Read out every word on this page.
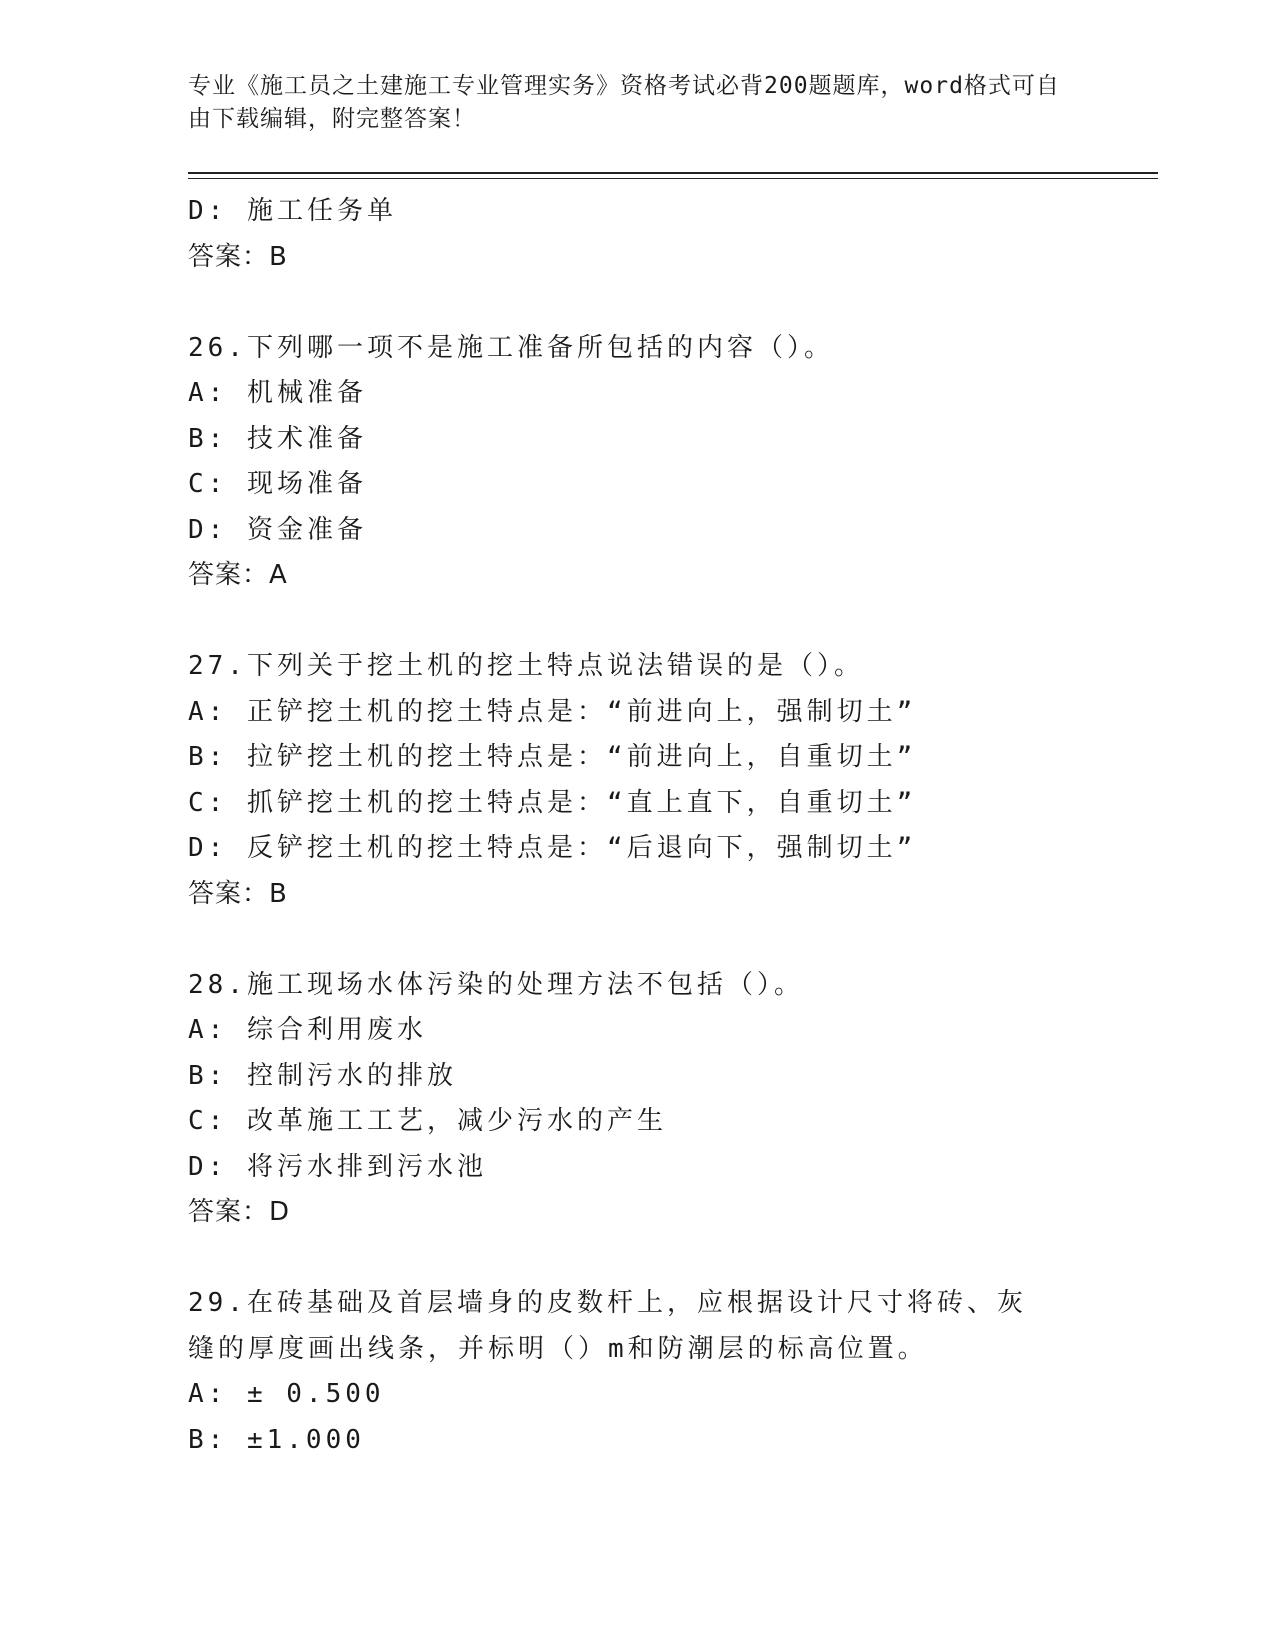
专业《施工员之土建施工专业管理实务》资格考试必背200题题库，word格式可自由下载编辑，附完整答案！

D: 施工任务单
答案：B
26.下列哪一项不是施工准备所包括的内容（）。
A: 机械准备
B: 技术准备
C: 现场准备
D: 资金准备
答案：A
27.下列关于挖土机的挖土特点说法错误的是（）。
A: 正铲挖土机的挖土特点是：“前进向上，强制切土”
B: 拉铲挖土机的挖土特点是：“前进向上，自重切土”
C: 抓铲挖土机的挖土特点是：“直上直下，自重切土”
D: 反铲挖土机的挖土特点是：“后退向下，强制切土”
答案：B
28.施工现场水体污染的处理方法不包括（）。
A: 综合利用废水
B: 控制污水的排放
C: 改革施工工艺，减少污水的产生
D: 将污水排到污水池
答案：D
29.在砖基础及首层墙身的皮数杆上，应根据设计尺寸将砖、灰缝的厚度画出线条，并标明（）m和防潮层的标高位置。
A: ± 0.500
B: ±1.000
